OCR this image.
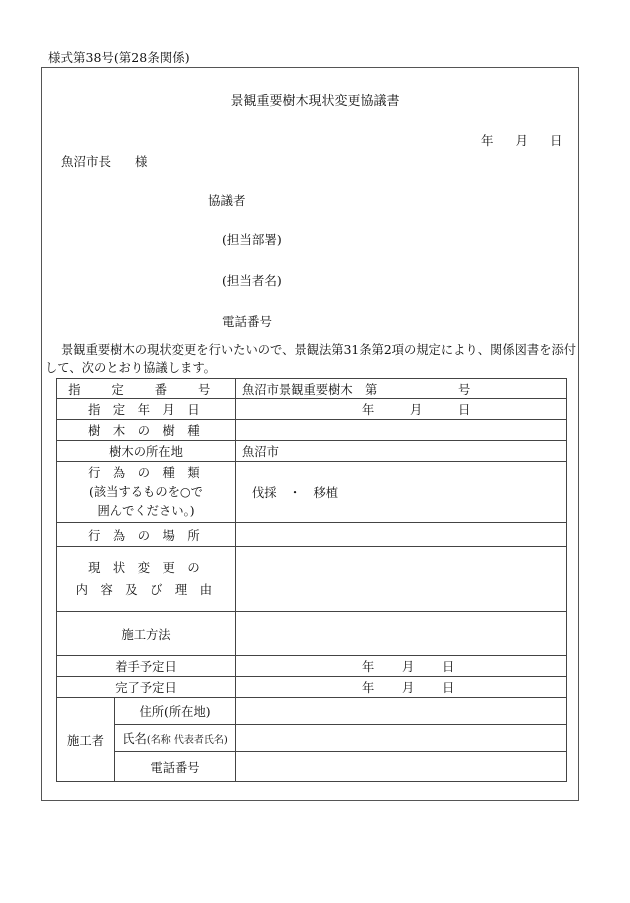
様式第38号(第28条関係)
景観重要樹木現状変更協議書
年 月 日
魚沼市長 様
協議者
(担当部署)
(担当者名)
電話番号
景観重要樹木の現状変更を行いたいので、景観法第31条第2項の規定により、関係図書を添付して、次のとおり協議します。
指 定 番 号		魚沼市景観重要樹木　第 号

指 定 年 月 日		年 月 日

樹 木 の 樹 種		
樹木の所在地		魚沼市

行 為 の 種 類
(該当するものを○で
囲んでください。)		伐採　・　移植
行 為 の 場 所		

現 状 変 更 の
内 容 及 び 理 由		

施工方法		
着手予定日		年 月 日

完了予定日		年 月 日

施工者	住所(所在地)	
	氏名(名称 代表者氏名)	
	電話番号	
